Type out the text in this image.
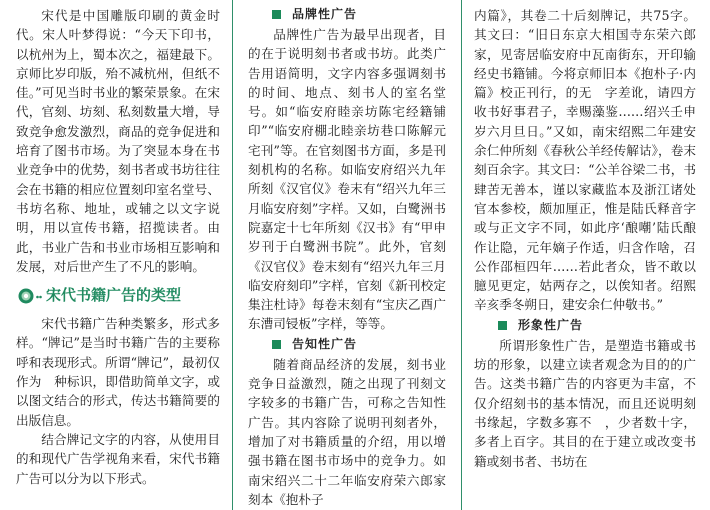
宋代是中国雕版印刷的黄金时代。宋人叶梦得说：“今天下印书，以杭州为上，蜀本次之，福建最下。京师比岁印版，殆不减杭州，但纸不佳。”可见当时书业的繁荣景象。在宋代，官刻、坊刻、私刻数量大增，导致竞争愈发激烈，商品的竞争促进和培育了图书市场。为了突显本身在书业竞争中的优势，刻书者或书坊往往会在书籍的相应位置刻印室名堂号、书坊名称、地址，或辅之以文字说明，用以宣传书籍，招揽读者。由此，书业广告和书业市场相互影响和发展，对后世产生了不凡的影响。

宋代书籍广告的类型

宋代书籍广告种类繁多，形式多样。“牌记”是当时书籍广告的主要称呼和表现形式。所谓“牌记”，最初仅作为　种标识，即借助简单文字，或以图文结合的形式，传达书籍简要的出版信息。

结合牌记文字的内容，从使用目的和现代广告学视角来看，宋代书籍广告可以分为以下形式。

品牌性广告

品牌性广告为最早出现者，目的在于说明刻书者或书坊。此类广告用语简明，文字内容多强调刻书的时间、地点、刻书人的室名堂号。如“临安府睦亲坊陈宅经籍铺印”“临安府棚北睦亲坊巷口陈解元宅刊”等。在官刻图书方面，多是刊刻机构的名称。如临安府绍兴九年所刻《汉官仪》卷末有“绍兴九年三月临安府刻”字样。又如，白鹭洲书院嘉定十七年所刻《汉书》有“甲申岁刊于白鹭洲书院”。此外，官刻《汉官仪》卷末刻有“绍兴九年三月临安府刻印”字样，官刻《新刊校定集注杜诗》每卷末刻有“宝庆乙酉广东漕司锓板”字样，等等。

告知性广告

随着商品经济的发展，刻书业竞争日益激烈，随之出现了刊刻文字较多的书籍广告，可称之告知性广告。其内容除了说明刊刻者外，增加了对书籍质量的介绍，用以增强书籍在图书市场中的竞争力。如南宋绍兴二十二年临安府荣六郎家刻本《抱朴子

内篇》，其卷二十后刻牌记，共75字。其文曰：“旧日东京大相国寺东荣六郎家，见寄居临安府中瓦南街东，开印输经史书籍铺。今将京师旧本《抱朴子·内篇》校正刊行，的无　字差讹，请四方收书好事君子，幸赐藻鉴……绍兴壬申岁六月旦日。”又如，南宋绍熙二年建安余仁仲所刻《春秋公羊经传解诂》，卷末刻百余字。其文曰：“公羊谷梁二书，书肆苦无善本，谨以家藏监本及浙江诸处官本参校，颇加厘正，惟是陆氏释音字或与正文字不同，如此序‘酿嘲’陆氏酿作让隐，元年嫡子作适，归含作啥，召公作邵桓四年……若此者众，皆不敢以臆见更定，姑两存之，以俟知者。绍熙辛亥季冬朔日，建安余仁仲敬书。”

形象性广告

所谓形象性广告，是塑造书籍或书坊的形象，以建立读者观念为目的的广告。这类书籍广告的内容更为丰富，不仅介绍刻书的基本情况，而且还说明刻书缘起，字数多寡不　，少者数十字，多者上百字。其目的在于建立或改变书籍或刻书者、书坊在
